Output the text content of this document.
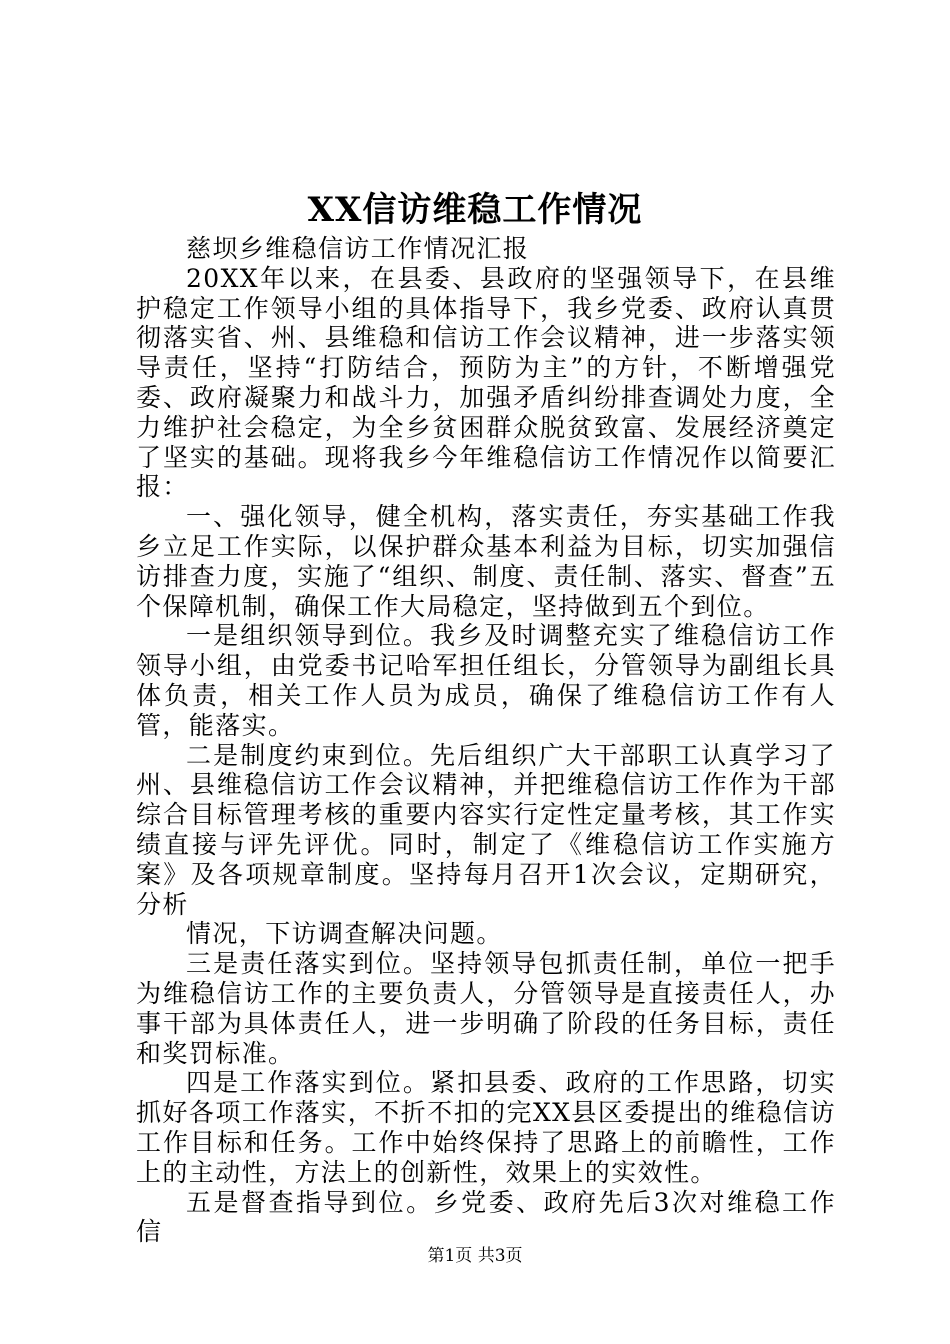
XX信访维稳工作情况

慈坝乡维稳信访工作情况汇报

20XX年以来，在县委、县政府的坚强领导下，在县维护稳定工作领导小组的具体指导下，我乡党委、政府认真贯彻落实省、州、县维稳和信访工作会议精神，进一步落实领导责任，坚持“打防结合，预防为主”的方针，不断增强党委、政府凝聚力和战斗力，加强矛盾纠纷排查调处力度，全力维护社会稳定，为全乡贫困群众脱贫致富、发展经济奠定了坚实的基础。现将我乡今年维稳信访工作情况作以简要汇报：

一、强化领导，健全机构，落实责任，夯实基础工作我乡立足工作实际，以保护群众基本利益为目标，切实加强信访排查力度，实施了“组织、制度、责任制、落实、督查”五个保障机制，确保工作大局稳定，坚持做到五个到位。

一是组织领导到位。我乡及时调整充实了维稳信访工作领导小组，由党委书记哈军担任组长，分管领导为副组长具体负责，相关工作人员为成员，确保了维稳信访工作有人管，能落实。

二是制度约束到位。先后组织广大干部职工认真学习了州、县维稳信访工作会议精神，并把维稳信访工作作为干部综合目标管理考核的重要内容实行定性定量考核，其工作实绩直接与评先评优。同时，制定了《维稳信访工作实施方案》及各项规章制度。坚持每月召开1次会议，定期研究，分析

情况，下访调查解决问题。

三是责任落实到位。坚持领导包抓责任制，单位一把手为维稳信访工作的主要负责人，分管领导是直接责任人，办事干部为具体责任人，进一步明确了阶段的任务目标，责任和奖罚标准。

四是工作落实到位。紧扣县委、政府的工作思路，切实抓好各项工作落实，不折不扣的完XX县区委提出的维稳信访工作目标和任务。工作中始终保持了思路上的前瞻性，工作上的主动性，方法上的创新性，效果上的实效性。

五是督查指导到位。乡党委、政府先后3次对维稳工作信

第1页 共3页
